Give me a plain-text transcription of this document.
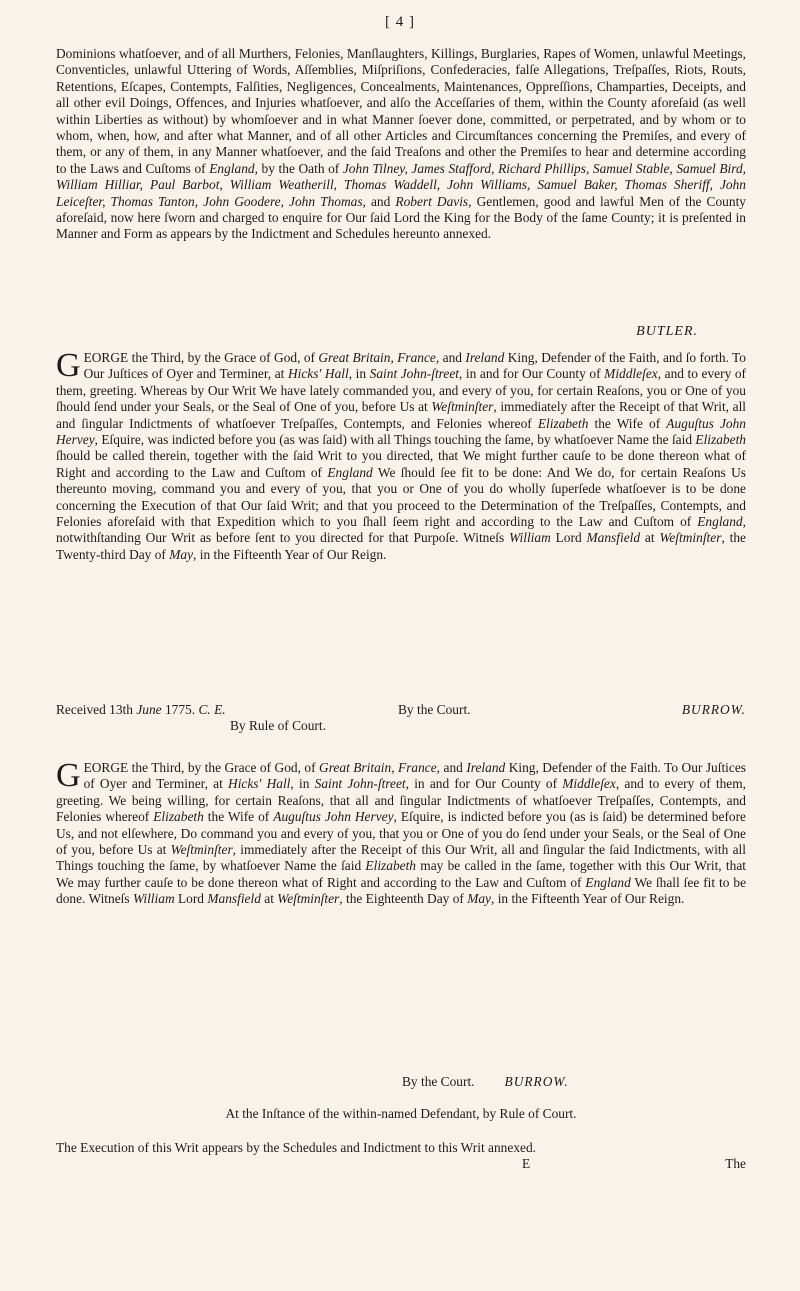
[ 4 ]

Dominions whatſoever, and of all Murthers, Felonies, Manſlaughters, Killings, Burglaries, Rapes of Women, unlawful Meetings, Conventicles, unlawful Uttering of Words, Aſſemblies, Miſpriſions, Confederacies, falſe Allegations, Treſpaſſes, Riots, Routs, Retentions, Eſcapes, Contempts, Falſities, Negligences, Concealments, Maintenances, Oppreſſions, Champarties, Deceipts, and all other evil Doings, Offences, and Injuries whatſoever, and alſo the Acceſſaries of them, within the County aforeſaid (as well within Liberties as without) by whomſoever and in what Manner ſoever done, committed, or perpetrated, and by whom or to whom, when, how, and after what Manner, and of all other Articles and Circumſtances concerning the Premiſes, and every of them, or any of them, in any Manner whatſoever, and the ſaid Treaſons and other the Premiſes to hear and determine according to the Laws and Cuſtoms of England, by the Oath of John Tilney, James Stafford, Richard Phillips, Samuel Stable, Samuel Bird, William Hilliar, Paul Barbot, William Weatherill, Thomas Waddell, John Williams, Samuel Baker, Thomas Sheriff, John Leiceſter, Thomas Tanton, John Goodere, John Thomas, and Robert Davis, Gentlemen, good and lawful Men of the County aforeſaid, now here ſworn and charged to enquire for Our ſaid Lord the King for the Body of the ſame County; it is preſented in Manner and Form as appears by the Indictment and Schedules hereunto annexed.

BUTLER.

GEORGE the Third, by the Grace of God, of Great Britain, France, and Ireland King, Defender of the Faith, and ſo forth. To Our Juſtices of Oyer and Terminer, at Hicks' Hall, in Saint John-ſtreet, in and for Our County of Middleſex, and to every of them, greeting. Whereas by Our Writ We have lately commanded you, and every of you, for certain Reaſons, you or One of you ſhould ſend under your Seals, or the Seal of One of you, before Us at Weſtminſter, immediately after the Receipt of that Writ, all and ſingular Indictments of whatſoever Treſpaſſes, Contempts, and Felonies whereof Elizabeth the Wife of Auguſtus John Hervey, Eſquire, was indicted before you (as was ſaid) with all Things touching the ſame, by whatſoever Name the ſaid Elizabeth ſhould be called therein, together with the ſaid Writ to you directed, that We might further cauſe to be done thereon what of Right and according to the Law and Cuſtom of England We ſhould ſee fit to be done: And We do, for certain Reaſons Us thereunto moving, command you and every of you, that you or One of you do wholly ſuperſede whatſoever is to be done concerning the Execution of that Our ſaid Writ; and that you proceed to the Determination of the Treſpaſſes, Contempts, and Felonies aforeſaid with that Expedition which to you ſhall ſeem right and according to the Law and Cuſtom of England, notwithſtanding Our Writ as before ſent to you directed for that Purpoſe. Witneſs William Lord Mansfield at Weſtminſter, the Twenty-third Day of May, in the Fifteenth Year of Our Reign.

Received 13th June 1775. C. E.	By the Court.	BURROW.
By Rule of Court.

GEORGE the Third, by the Grace of God, of Great Britain, France, and Ireland King, Defender of the Faith. To Our Juſtices of Oyer and Terminer, at Hicks' Hall, in Saint John-ſtreet, in and for Our County of Middleſex, and to every of them, greeting. We being willing, for certain Reaſons, that all and ſingular Indictments of whatſoever Treſpaſſes, Contempts, and Felonies whereof Elizabeth the Wife of Auguſtus John Hervey, Eſquire, is indicted before you (as is ſaid) be determined before Us, and not elſewhere, Do command you and every of you, that you or One of you do ſend under your Seals, or the Seal of One of you, before Us at Weſtminſter, immediately after the Receipt of this Our Writ, all and ſingular the ſaid Indictments, with all Things touching the ſame, by whatſoever Name the ſaid Elizabeth may be called in the ſame, together with this Our Writ, that We may further cauſe to be done thereon what of Right and according to the Law and Cuſtom of England We ſhall ſee fit to be done. Witneſs William Lord Mansfield at Weſtminſter, the Eighteenth Day of May, in the Fifteenth Year of Our Reign.

By the Court. BURROW.
At the Inſtance of the within-named Defendant, by Rule of Court.
The Execution of this Writ appears by the Schedules and Indictment to this Writ annexed.
E	The
